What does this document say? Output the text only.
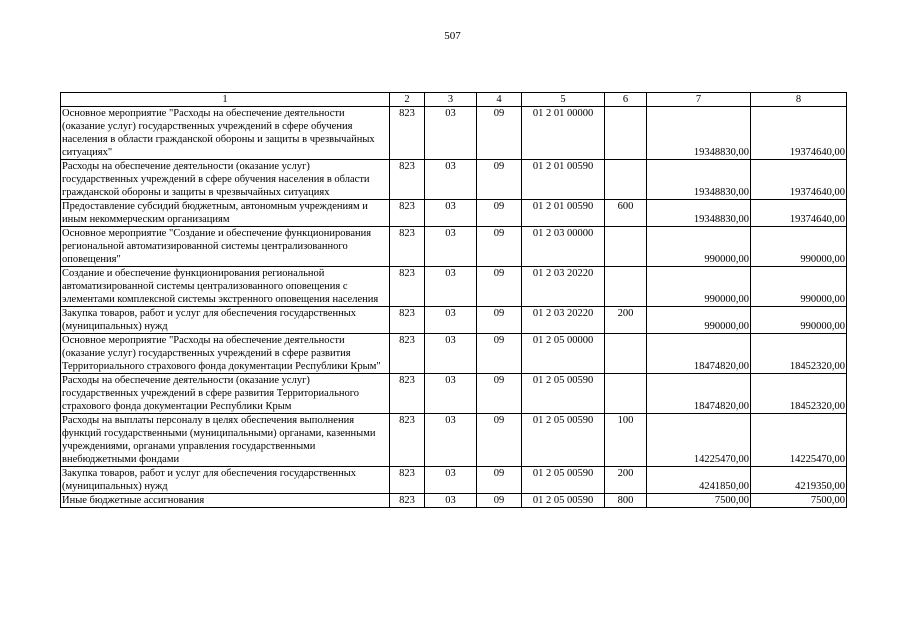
507
1	2	3	4	5	6	7	8
Основное мероприятие "Расходы на обеспечение деятельности (оказание услуг) государственных учреждений в сфере обучения населения в области гражданской обороны и защиты в чрезвычайных ситуациях"	823	03	09	01 2 01 00000		19348830,00	19374640,00
Расходы на обеспечение деятельности (оказание услуг) государственных учреждений в сфере обучения населения в области гражданской обороны и защиты в чрезвычайных ситуациях	823	03	09	01 2 01 00590		19348830,00	19374640,00
Предоставление субсидий бюджетным, автономным учреждениям и иным некоммерческим организациям	823	03	09	01 2 01 00590	600	19348830,00	19374640,00
Основное мероприятие "Создание и обеспечение функционирования региональной автоматизированной системы централизованного оповещения"	823	03	09	01 2 03 00000		990000,00	990000,00
Создание и обеспечение функционирования региональной автоматизированной системы централизованного оповещения с элементами комплексной системы экстренного оповещения населения	823	03	09	01 2 03 20220		990000,00	990000,00
Закупка товаров, работ и услуг для обеспечения государственных (муниципальных) нужд	823	03	09	01 2 03 20220	200	990000,00	990000,00
Основное мероприятие "Расходы на обеспечение деятельности (оказание услуг) государственных учреждений в сфере развития Территориального страхового фонда документации Республики Крым"	823	03	09	01 2 05 00000		18474820,00	18452320,00
Расходы на обеспечение деятельности (оказание услуг) государственных учреждений в сфере развития Территориального страхового фонда документации Республики Крым	823	03	09	01 2 05 00590		18474820,00	18452320,00
Расходы на выплаты персоналу в целях обеспечения выполнения функций государственными (муниципальными) органами, казенными учреждениями, органами управления государственными внебюджетными фондами	823	03	09	01 2 05 00590	100	14225470,00	14225470,00
Закупка товаров, работ и услуг для обеспечения государственных (муниципальных) нужд	823	03	09	01 2 05 00590	200	4241850,00	4219350,00
Иные бюджетные ассигнования	823	03	09	01 2 05 00590	800	7500,00	7500,00
